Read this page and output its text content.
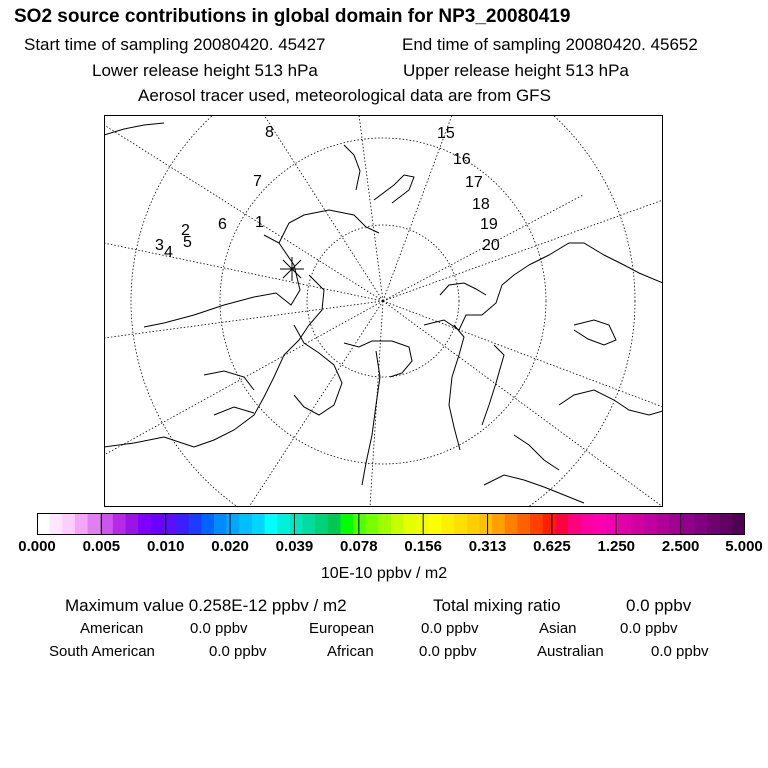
SO2 source contributions in global domain for NP3_20080419
Start time of sampling 20080420. 45427	End time of sampling 20080420. 45652
Lower release height 513 hPa	Upper release height 513 hPa
Aerosol tracer used, meteorological data are from GFS
8
7
6 1
2
3 4
5
15
16
17
18
19
20
0.000 0.005 0.010 0.020 0.039 0.078 0.156 0.313 0.625 1.250 2.500 5.000
10E-10 ppbv / m2
Maximum value 0.258E-12 ppbv / m2	Total mixing ratio	0.0 ppbv
American	0.0 ppbv	European	0.0 ppbv	Asian	0.0 ppbv
South American	0.0 ppbv	African	0.0 ppbv	Australian	0.0 ppbv
